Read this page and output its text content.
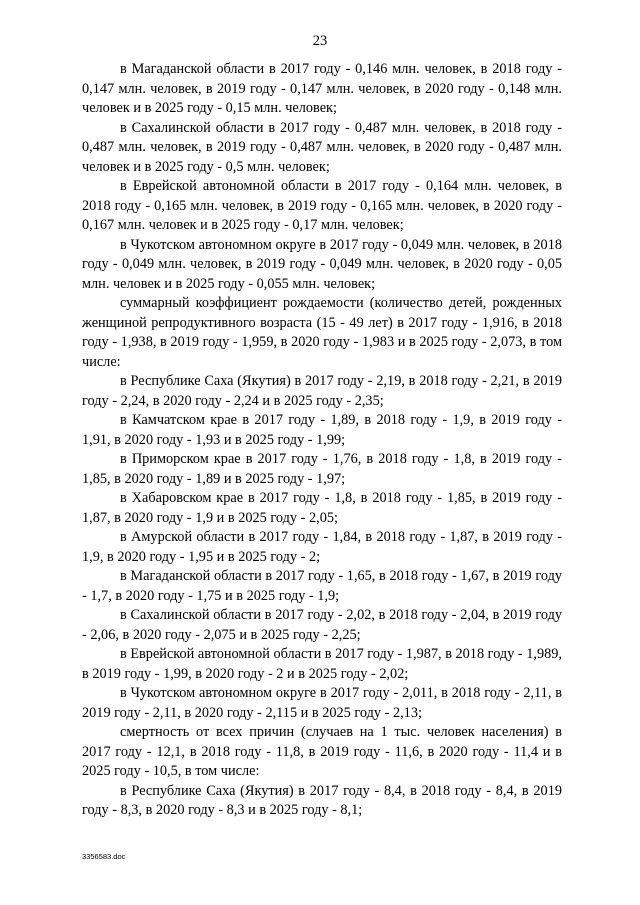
23

в Магаданской области в 2017 году - 0,146 млн. человек, в 2018 году - 0,147 млн. человек, в 2019 году - 0,147 млн. человек, в 2020 году - 0,148 млн. человек и в 2025 году - 0,15 млн. человек;

в Сахалинской области в 2017 году - 0,487 млн. человек, в 2018 году - 0,487 млн. человек, в 2019 году - 0,487 млн. человек, в 2020 году - 0,487 млн. человек и в 2025 году - 0,5 млн. человек;

в Еврейской автономной области в 2017 году - 0,164 млн. человек, в 2018 году - 0,165 млн. человек, в 2019 году - 0,165 млн. человек, в 2020 году - 0,167 млн. человек и в 2025 году - 0,17 млн. человек;

в Чукотском автономном округе в 2017 году - 0,049 млн. человек, в 2018 году - 0,049 млн. человек, в 2019 году - 0,049 млн. человек, в 2020 году - 0,05 млн. человек и в 2025 году - 0,055 млн. человек;

суммарный коэффициент рождаемости (количество детей, рожденных женщиной репродуктивного возраста (15 - 49 лет) в 2017 году - 1,916, в 2018 году - 1,938, в 2019 году - 1,959, в 2020 году - 1,983 и в 2025 году - 2,073, в том числе:

в Республике Саха (Якутия) в 2017 году - 2,19, в 2018 году - 2,21, в 2019 году - 2,24, в 2020 году - 2,24 и в 2025 году - 2,35;

в Камчатском крае в 2017 году - 1,89, в 2018 году - 1,9, в 2019 году - 1,91, в 2020 году - 1,93 и в 2025 году - 1,99;

в Приморском крае в 2017 году - 1,76, в 2018 году - 1,8, в 2019 году - 1,85, в 2020 году - 1,89 и в 2025 году - 1,97;

в Хабаровском крае в 2017 году - 1,8, в 2018 году - 1,85, в 2019 году - 1,87, в 2020 году - 1,9 и в 2025 году - 2,05;

в Амурской области в 2017 году - 1,84, в 2018 году - 1,87, в 2019 году - 1,9, в 2020 году - 1,95 и в 2025 году - 2;

в Магаданской области в 2017 году - 1,65, в 2018 году - 1,67, в 2019 году - 1,7, в 2020 году - 1,75 и в 2025 году - 1,9;

в Сахалинской области в 2017 году - 2,02, в 2018 году - 2,04, в 2019 году - 2,06, в 2020 году - 2,075 и в 2025 году - 2,25;

в Еврейской автономной области в 2017 году - 1,987, в 2018 году - 1,989, в 2019 году - 1,99, в 2020 году - 2 и в 2025 году - 2,02;

в Чукотском автономном округе в 2017 году - 2,011, в 2018 году - 2,11, в 2019 году - 2,11, в 2020 году - 2,115 и в 2025 году - 2,13;

смертность от всех причин (случаев на 1 тыс. человек населения) в 2017 году - 12,1, в 2018 году - 11,8, в 2019 году - 11,6, в 2020 году - 11,4 и в 2025 году - 10,5, в том числе:

в Республике Саха (Якутия) в 2017 году - 8,4, в 2018 году - 8,4, в 2019 году - 8,3, в 2020 году - 8,3 и в 2025 году - 8,1;

3356583.doc
